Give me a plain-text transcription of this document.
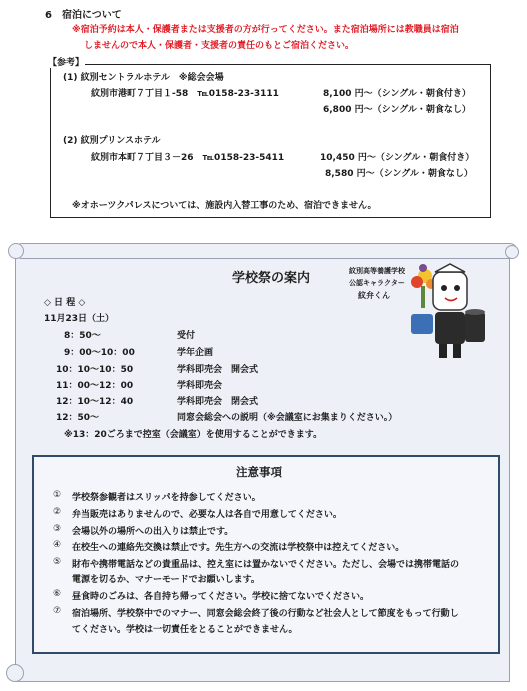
6　宿泊について
※宿泊予約は本人・保護者または支援者の方が行ってください。また宿泊場所には教職員は宿泊
しませんので本人・保護者・支援者の責任のもとご宿泊ください。
【参考】
(1) 紋別セントラルホテル　※総会会場
紋別市港町７丁目１-58　℡0158-23-3111	8,100 円～（シングル・朝食付き）
6,800 円～（シングル・朝食なし）
(2) 紋別プリンスホテル
紋別市本町７丁目３－26　℡0158-23-5411	10,450 円～（シングル・朝食付き）
8,580 円～（シングル・朝食なし）
※オホーツクパレスについては、施設内入替工事のため、宿泊できません。
学校祭の案内	紋別高等養護学校
公認キャラクター
紋弁くん
◇ 日 程 ◇
11月23日（土）
8：50～	受付
9：00～10：00	学年企画
10：10～10：50	学科即売会　開会式
11：00～12：00	学科即売会
12：10～12：40	学科即売会　閉会式
12：50～	同窓会総会への説明（※会議室にお集まりください。）
※13：20ごろまで控室（会議室）を使用することができます。
注意事項
① 学校祭参観者はスリッパを持参してください。
② 弁当販売はありませんので、必要な人は各自で用意してください。
③ 会場以外の場所への出入りは禁止です。
④ 在校生への連絡先交換は禁止です。先生方への交流は学校祭中は控えてください。
⑤ 財布や携帯電話などの貴重品は、控え室には置かないでください。ただし、会場では携帯電話の
電源を切るか、マナーモードでお願いします。
⑥ 昼食時のごみは、各自持ち帰ってください。学校に捨てないでください。
⑦ 宿泊場所、学校祭中でのマナー、同窓会総会終了後の行動など社会人として節度をもって行動し
てください。学校は一切責任をとることができません。
